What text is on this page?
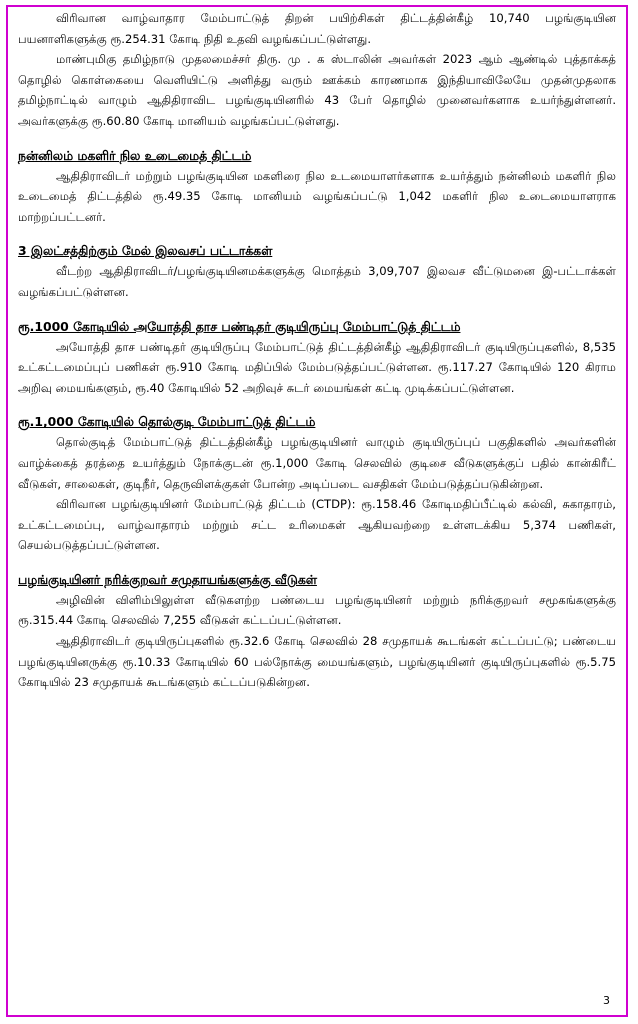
விரிவான வாழ்வாதார மேம்பாட்டுத் திறன் பயிற்சிகள் திட்டத்தின்கீழ் 10,740 பழங்குடியின பயனாளிகளுக்கு ரூ.254.31 கோடி நிதி உதவி வழங்கப்பட்டுள்ளது.

மாண்புமிகு தமிழ்நாடு முதலமைச்சர் திரு. மு . க ஸ்டாலின் அவர்கள் 2023 ஆம் ஆண்டில் புத்தாக்கத் தொழில் கொள்கையை வெளியிட்டு அளித்து வரும் ஊக்கம் காரணமாக இந்தியாவிலேயே முதன்முதலாக தமிழ்நாட்டில் வாழும் ஆதிதிராவிட பழங்குடியினரில் 43 பேர் தொழில் முனைவர்களாக உயர்ந்துள்ளனர். அவர்களுக்கு ரூ.60.80 கோடி மானியம் வழங்கப்பட்டுள்ளது.

நன்னிலம் மகளிர் நில உடைமைத் திட்டம்

ஆதிதிராவிடர் மற்றும் பழங்குடியின மகளிரை நில உடமையாளர்களாக உயர்த்தும் நன்னிலம் மகளிர் நில உடைமைத் திட்டத்தில் ரூ.49.35 கோடி மானியம் வழங்கப்பட்டு 1,042 மகளிர் நில உடைமையாளராக மாற்றப்பட்டனர்.

3 இலட்சத்திற்கும் மேல் இலவசப் பட்டாக்கள்

வீடற்ற ஆதிதிராவிடர்/பழங்குடியினமக்களுக்கு மொத்தம் 3,09,707 இலவச வீட்டுமனை இ-பட்டாக்கள் வழங்கப்பட்டுள்ளன.

ரூ.1000 கோடியில் அயோத்தி தாச பண்டிதர் குடியிருப்பு மேம்பாட்டுத் திட்டம்

அயோத்தி தாச பண்டிதர் குடியிருப்பு மேம்பாட்டுத் திட்டத்தின்கீழ் ஆதிதிராவிடர் குடியிருப்புகளில், 8,535 உட்கட்டமைப்புப் பணிகள் ரூ.910 கோடி மதிப்பில் மேம்படுத்தப்பட்டுள்ளன. ரூ.117.27 கோடியில் 120 கிராம அறிவு மையங்களும், ரூ.40 கோடியில் 52 அறிவுச் சுடர் மையங்கள் கட்டி முடிக்கப்பட்டுள்ளன.

ரூ.1,000 கோடியில் தொல்குடி மேம்பாட்டுத் திட்டம்

தொல்குடித் மேம்பாட்டுத் திட்டத்தின்கீழ் பழங்குடியினர் வாழும் குடியிருப்புப் பகுதிகளில் அவர்களின் வாழ்க்கைத் தரத்தை உயர்த்தும் நோக்குடன் ரூ.1,000 கோடி செலவில் குடிசை வீடுகளுக்குப் பதில் கான்கிரீட் வீடுகள், சாலைகள், குடிநீர், தெருவிளக்குகள் போன்ற அடிப்படை வசதிகள் மேம்படுத்தப்படுகின்றன.

விரிவான பழங்குடியினர் மேம்பாட்டுத் திட்டம் (CTDP): ரூ.158.46 கோடிமதிப்பீட்டில் கல்வி, சுகாதாரம், உட்கட்டமைப்பு, வாழ்வாதாரம் மற்றும் சட்ட உரிமைகள் ஆகியவற்றை உள்ளடக்கிய 5,374 பணிகள், செயல்படுத்தப்பட்டுள்ளன.

பழங்குடியினர் நரிக்குறவர் சமுதாயங்களுக்கு வீடுகள்

அழிவின் விளிம்பிலுள்ள வீடுகளற்ற பண்டைய பழங்குடியினர் மற்றும் நரிக்குறவர் சமூகங்களுக்கு ரூ.315.44 கோடி செலவில் 7,255 வீடுகள் கட்டப்பட்டுள்ளன.

ஆதிதிராவிடர் குடியிருப்புகளில் ரூ.32.6 கோடி செலவில் 28 சமுதாயக் கூடங்கள் கட்டப்பட்டு; பண்டைய பழங்குடியினருக்கு ரூ.10.33 கோடியில் 60 பல்நோக்கு மையங்களும், பழங்குடியினர் குடியிருப்புகளில் ரூ.5.75 கோடியில் 23 சமுதாயக் கூடங்களும் கட்டப்படுகின்றன.

3
